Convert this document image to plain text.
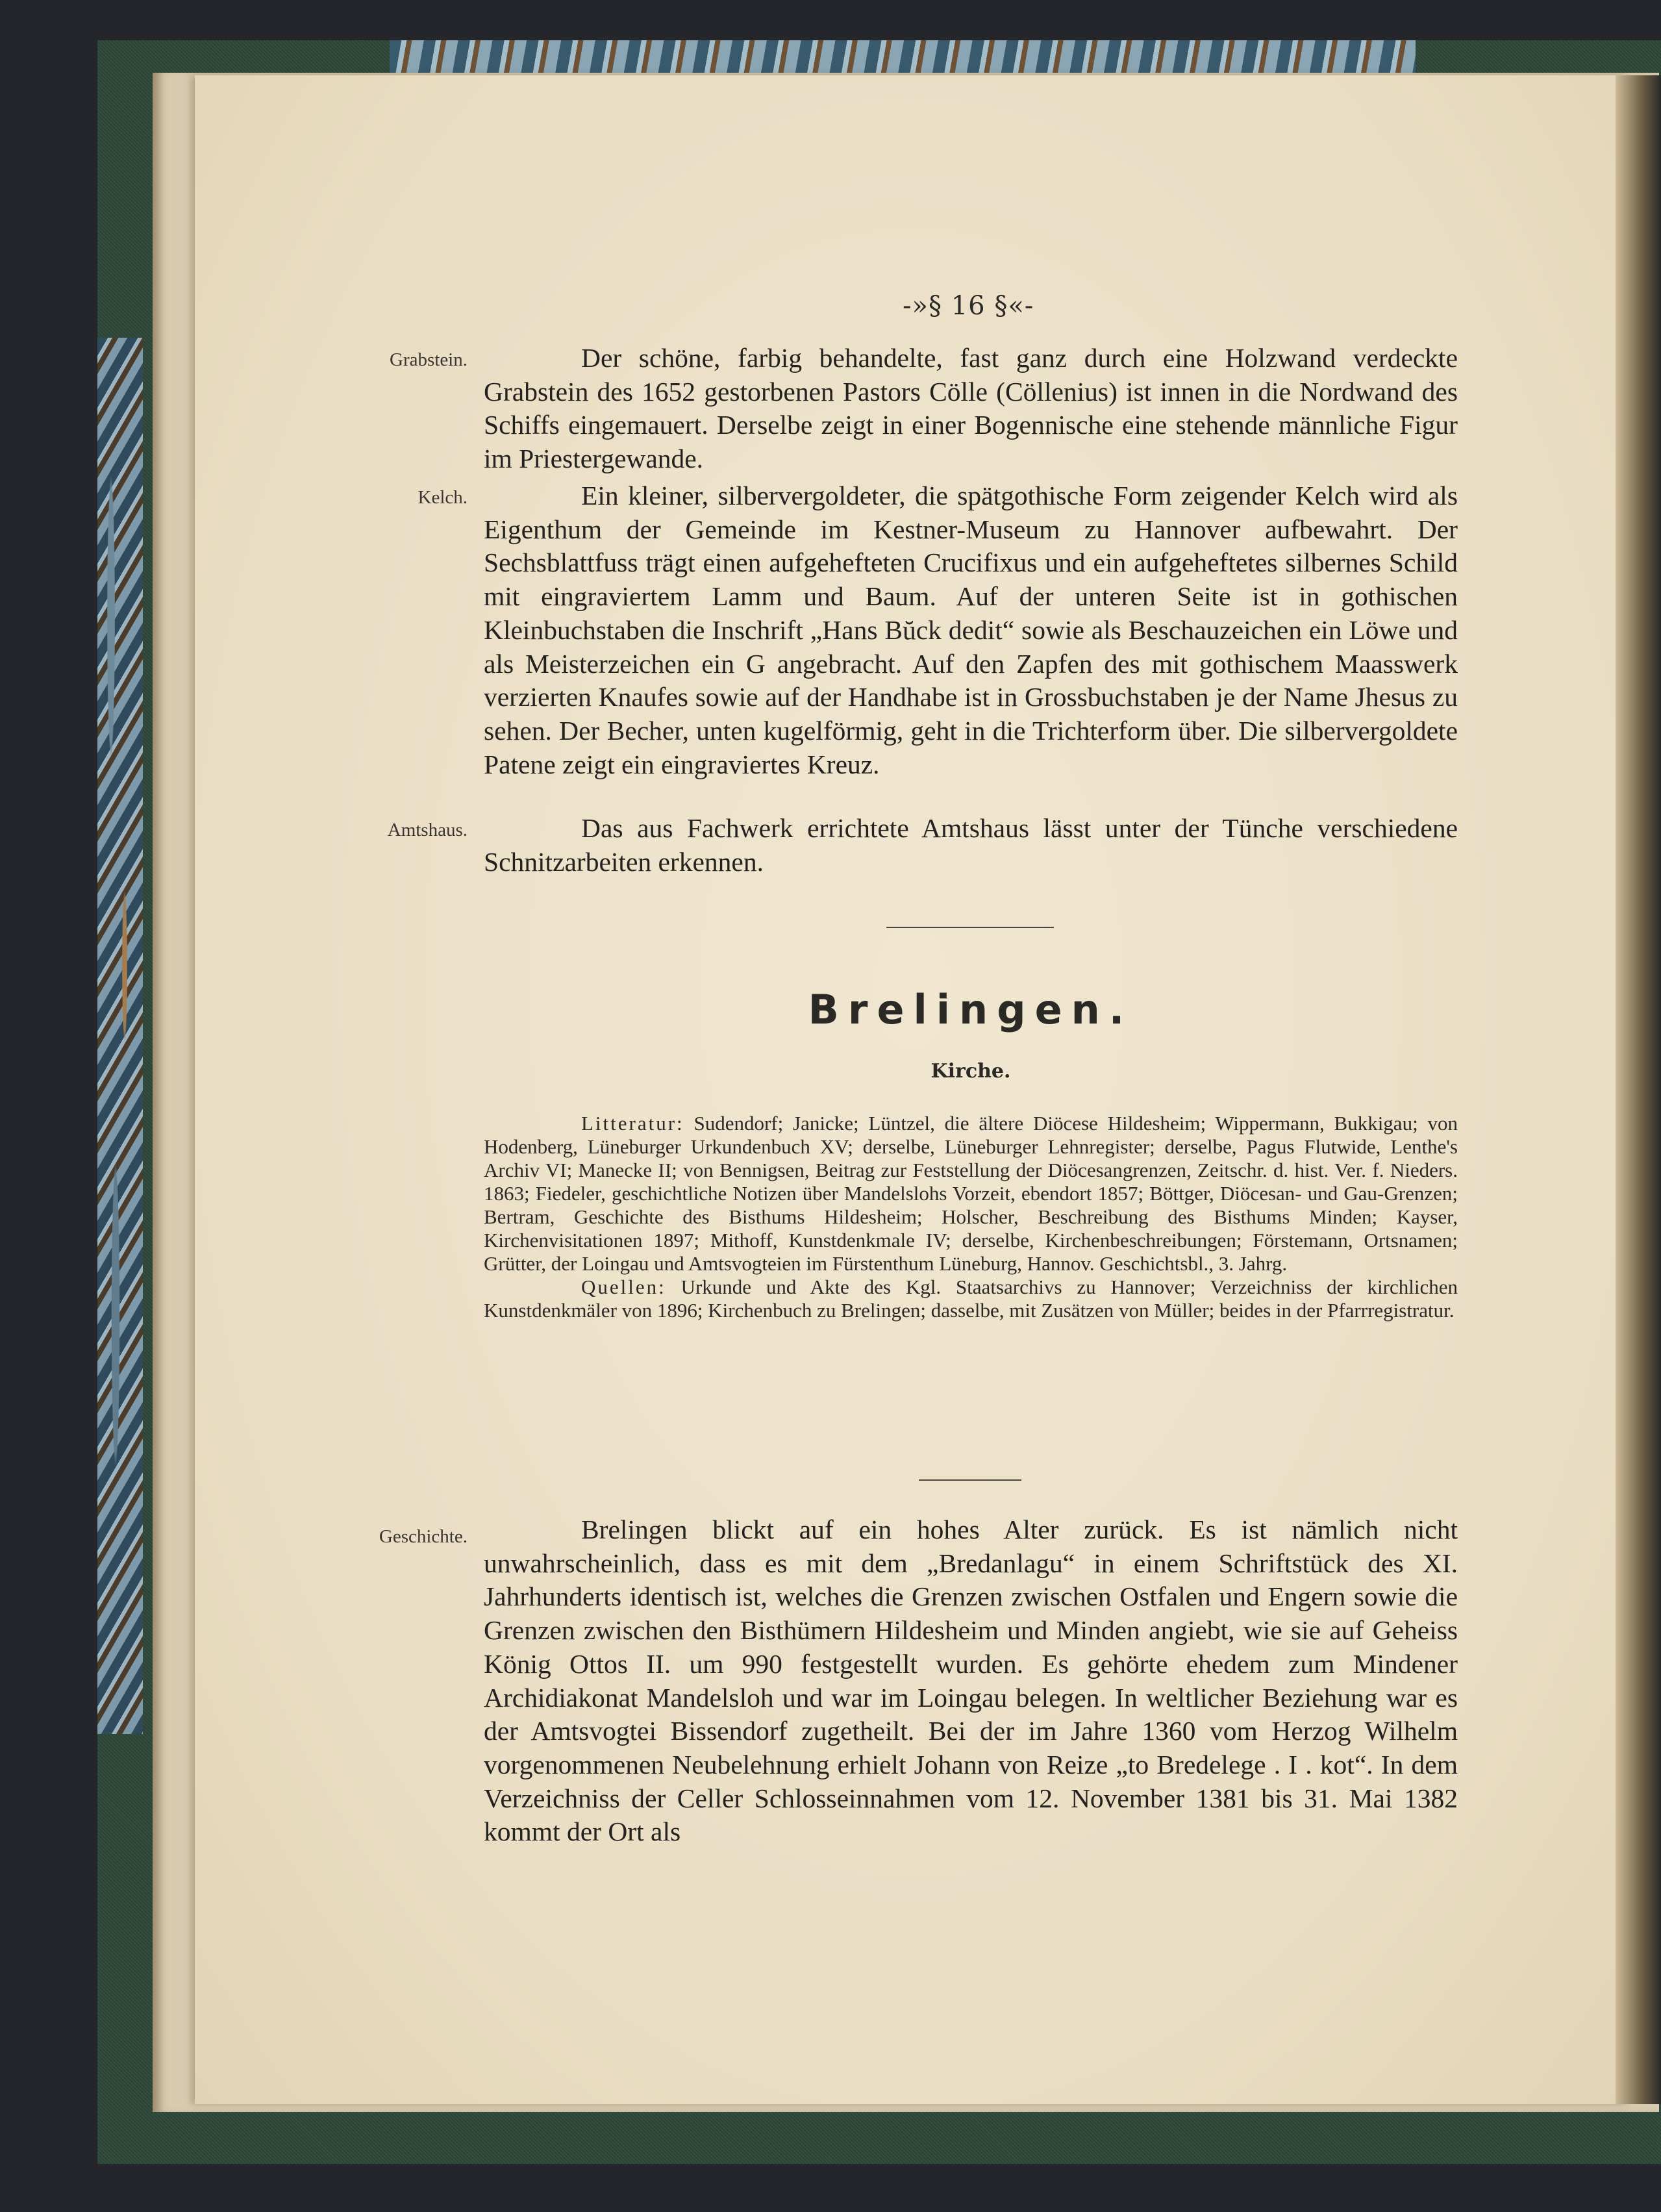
-»§ 16 §«-
Grabstein.	Der schöne, farbig behandelte, fast ganz durch eine Holzwand verdeckte Grabstein des 1652 gestorbenen Pastors Cölle (Cöllenius) ist innen in die Nordwand des Schiffs eingemauert. Derselbe zeigt in einer Bogennische eine stehende männliche Figur im Priestergewande.

Kelch.	Ein kleiner, silbervergoldeter, die spätgothische Form zeigender Kelch wird als Eigenthum der Gemeinde im Kestner-Museum zu Hannover aufbewahrt. Der Sechsblattfuss trägt einen aufgehefteten Crucifixus und ein aufgeheftetes silbernes Schild mit eingraviertem Lamm und Baum. Auf der unteren Seite ist in gothischen Kleinbuchstaben die Inschrift „Hans Bŭck dedit“ sowie als Beschauzeichen ein Löwe und als Meisterzeichen ein G angebracht. Auf den Zapfen des mit gothischem Maasswerk verzierten Knaufes sowie auf der Handhabe ist in Grossbuchstaben je der Name Jhesus zu sehen. Der Becher, unten kugelförmig, geht in die Trichterform über. Die silbervergoldete Patene zeigt ein eingraviertes Kreuz.

Amtshaus.	Das aus Fachwerk errichtete Amtshaus lässt unter der Tünche verschiedene Schnitzarbeiten erkennen.

Brelingen.
Kirche.

Litteratur: Sudendorf; Janicke; Lüntzel, die ältere Diöcese Hildesheim; Wippermann, Bukkigau; von Hodenberg, Lüneburger Urkundenbuch XV; derselbe, Lüneburger Lehnregister; derselbe, Pagus Flutwide, Lenthe's Archiv VI; Manecke II; von Bennigsen, Beitrag zur Feststellung der Diöcesangrenzen, Zeitschr. d. hist. Ver. f. Nieders. 1863; Fiedeler, geschichtliche Notizen über Mandelslohs Vorzeit, ebendort 1857; Böttger, Diöcesan- und Gau-Grenzen; Bertram, Geschichte des Bisthums Hildesheim; Holscher, Beschreibung des Bisthums Minden; Kayser, Kirchenvisitationen 1897; Mithoff, Kunstdenkmale IV; derselbe, Kirchenbeschreibungen; Förstemann, Ortsnamen; Grütter, der Loingau und Amtsvogteien im Fürstenthum Lüneburg, Hannov. Geschichtsbl., 3. Jahrg.

Quellen: Urkunde und Akte des Kgl. Staatsarchivs zu Hannover; Verzeichniss der kirchlichen Kunstdenkmäler von 1896; Kirchenbuch zu Brelingen; dasselbe, mit Zusätzen von Müller; beides in der Pfarrregistratur.

Geschichte.	Brelingen blickt auf ein hohes Alter zurück. Es ist nämlich nicht unwahrscheinlich, dass es mit dem „Bredanlagu“ in einem Schriftstück des XI. Jahrhunderts identisch ist, welches die Grenzen zwischen Ostfalen und Engern sowie die Grenzen zwischen den Bisthümern Hildesheim und Minden angiebt, wie sie auf Geheiss König Ottos II. um 990 festgestellt wurden. Es gehörte ehedem zum Mindener Archidiakonat Mandelsloh und war im Loingau belegen. In weltlicher Beziehung war es der Amtsvogtei Bissendorf zugetheilt. Bei der im Jahre 1360 vom Herzog Wilhelm vorgenommenen Neubelehnung erhielt Johann von Reize „to Bredelege . I . kot“. In dem Verzeichniss der Celler Schlosseinnahmen vom 12. November 1381 bis 31. Mai 1382 kommt der Ort als
